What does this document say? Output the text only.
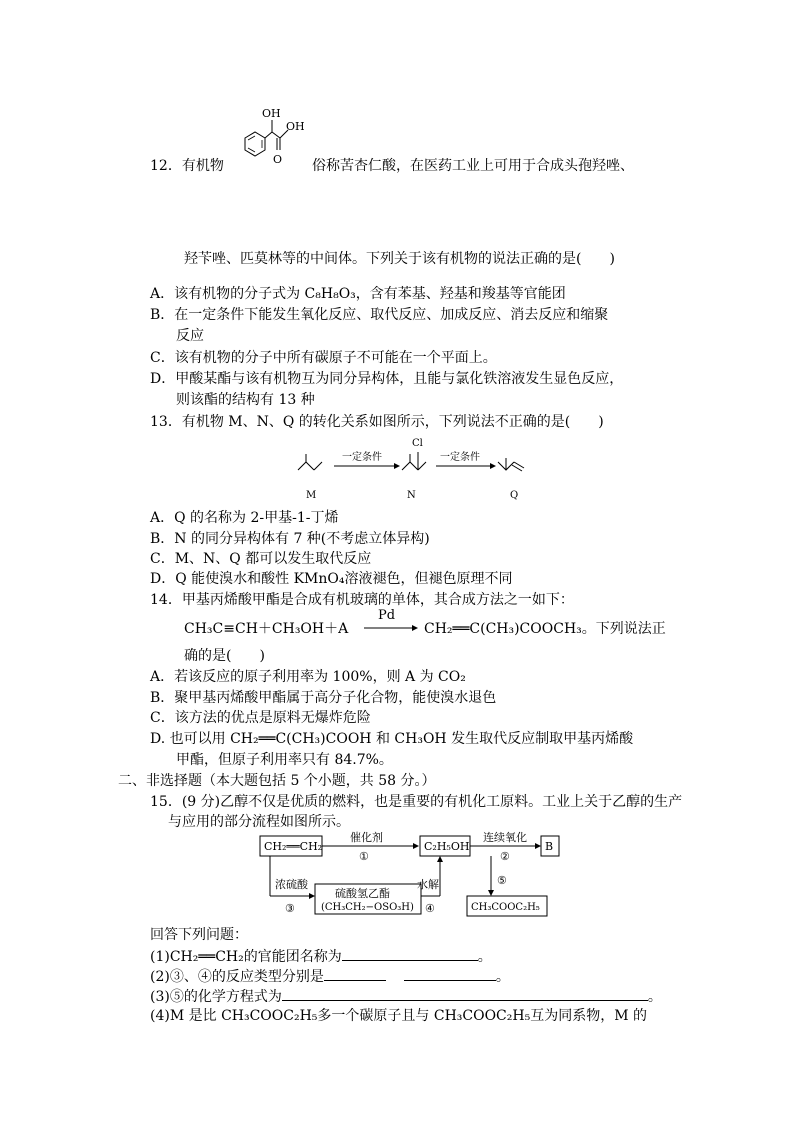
OH
OH
O
12．有机物	俗称苦杏仁酸，在医药工业上可用于合成头孢羟唑、
羟苄唑、匹莫林等的中间体。下列关于该有机物的说法正确的是(　　)
A．该有机物的分子式为 C₈H₈O₃，含有苯基、羟基和羧基等官能团
B．在一定条件下能发生氧化反应、取代反应、加成反应、消去反应和缩聚
反应
C．该有机物的分子中所有碳原子不可能在一个平面上。
D．甲酸某酯与该有机物互为同分异构体，且能与氯化铁溶液发生显色反应，
则该酯的结构有 13 种
13．有机物 M、N、Q 的转化关系如图所示，下列说法不正确的是(　　)
M
一定条件
Cl
N
一定条件
Q
A．Q 的名称为 2-甲基-1-丁烯
B．N 的同分异构体有 7 种(不考虑立体异构)
C．M、N、Q 都可以发生取代反应
D．Q 能使溴水和酸性 KMnO₄溶液褪色，但褪色原理不同
14．甲基丙烯酸甲酯是合成有机玻璃的单体，其合成方法之一如下：
CH₃C≡CH＋CH₃OH＋A
Pd
CH₂══C(CH₃)COOCH₃。下列说法正
确的是(　　)
A．若该反应的原子利用率为 100%，则 A 为 CO₂
B．聚甲基丙烯酸甲酯属于高分子化合物，能使溴水退色
C．该方法的优点是原料无爆炸危险
D. 也可以用 CH₂══C(CH₃)COOH 和 CH₃OH 发生取代反应制取甲基丙烯酸
甲酯，但原子利用率只有 84.7%。
二、非选择题（本大题包括 5 个小题，共 58 分。）
15．(9 分)乙醇不仅是优质的燃料，也是重要的有机化工原料。工业上关于乙醇的生产
与应用的部分流程如图所示。
CH₂══CH₂
催化剂
①
C₂H₅OH
连续氧化
②
B
⑤
CH₃COOC₂H₅
浓硫酸
③
硫酸氢乙酯
(CH₃CH₂−OSO₃H)
水解
④
回答下列问题：
(1)CH₂══CH₂的官能团名称为	。
(2)③、④的反应类型分别是	。
(3)⑤的化学方程式为	。
(4)M 是比 CH₃COOC₂H₅多一个碳原子且与 CH₃COOC₂H₅互为同系物，M 的
